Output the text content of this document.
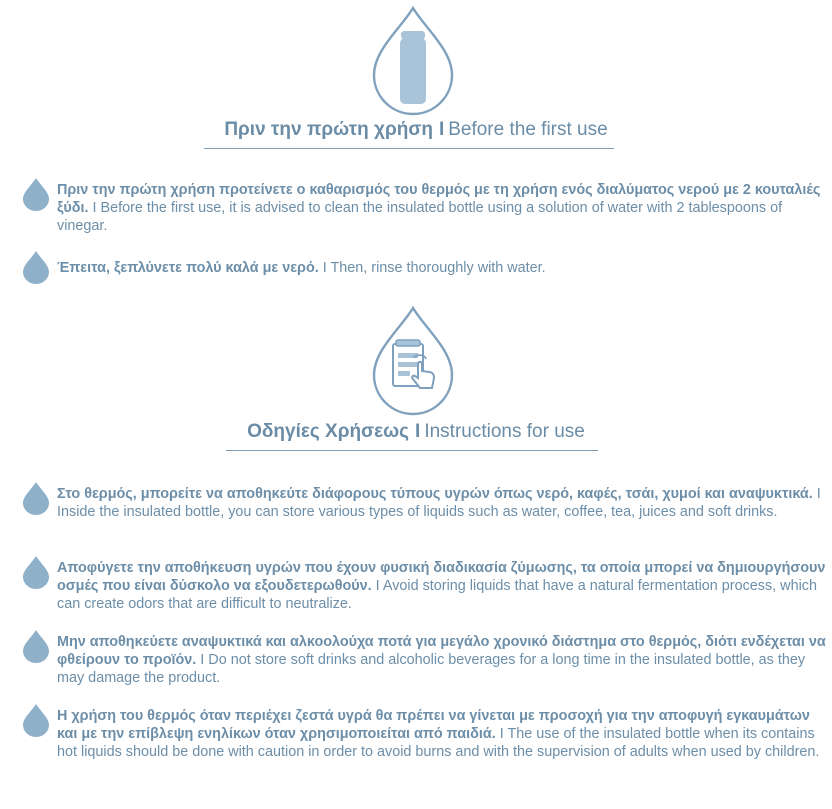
Πριν την πρώτη χρήση I Before the first use
Πριν την πρώτη χρήση προτείνετε ο καθαρισμός του θερμός με τη χρήση ενός διαλύματος νερού με 2 κουταλιές ξύδι. I Before the first use, it is advised to clean the insulated bottle using a solution of water with 2 tablespoons of vinegar.
Έπειτα, ξεπλύνετε πολύ καλά με νερό. I Then, rinse thoroughly with water.
Οδηγίες Χρήσεως I Instructions for use
Στο θερμός, μπορείτε να αποθηκεύτε διάφορους τύπους υγρών όπως νερό, καφές, τσάι, χυμοί και αναψυκτικά. I Inside the insulated bottle, you can store various types of liquids such as water, coffee, tea, juices and soft drinks.
Αποφύγετε την αποθήκευση υγρών που έχουν φυσική διαδικασία ζύμωσης, τα οποία μπορεί να δημιουργήσουν οσμές που είναι δύσκολο να εξουδετερωθούν. I Avoid storing liquids that have a natural fermentation process, which can create odors that are difficult to neutralize.
Μην αποθηκεύετε αναψυκτικά και αλκοολούχα ποτά για μεγάλο χρονικό διάστημα στο θερμός, διότι ενδέχεται να φθείρουν το προϊόν. I Do not store soft drinks and alcoholic beverages for a long time in the insulated bottle, as they may damage the product.
Η χρήση του θερμός όταν περιέχει ζεστά υγρά θα πρέπει να γίνεται με προσοχή για την αποφυγή εγκαυμάτων και με την επίβλεψη ενηλίκων όταν χρησιμοποιείται από παιδιά. I The use of the insulated bottle when its contains hot liquids should be done with caution in order to avoid burns and with the supervision of adults when used by children.
